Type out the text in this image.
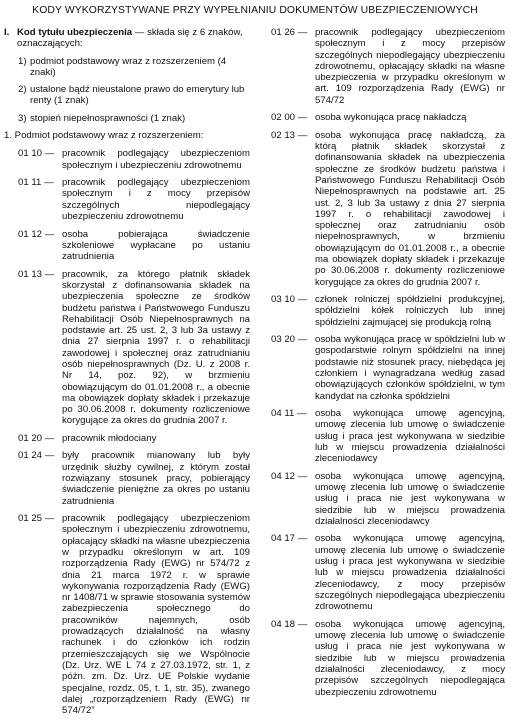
KODY WYKORZYSTYWANE PRZY WYPEŁNIANIU DOKUMENTÓW UBEZPIECZENIOWYCH
I. Kod tytułu ubezpieczenia — składa się z 6 znaków, oznaczających:
1) podmiot podstawowy wraz z rozszerzeniem (4 znaki)
2) ustalone bądź nieustalone prawo do emerytury lub renty (1 znak)
3) stopień niepełnosprawności (1 znak)
1. Podmiot podstawowy wraz z rozszerzeniem:
01 10 — pracownik podlegający ubezpieczeniom społecznym i ubezpieczeniu zdrowotnemu
01 11 — pracownik podlegający ubezpieczeniom społecznym i z mocy przepisów szczególnych niepodlegający ubezpieczeniu zdrowotnemu
01 12 — osoba pobierająca świadczenie szkoleniowe wypłacane po ustaniu zatrudnienia
01 13 — pracownik, za którego płatnik składek skorzystał z dofinansowania składek na ubezpieczenia społeczne ze środków budżetu państwa i Państwowego Funduszu Rehabilitacji Osób Niepełnosprawnych na podstawie art. 25 ust. 2, 3 lub 3a ustawy z dnia 27 sierpnia 1997 r. o rehabilitacji zawodowej i społecznej oraz zatrudnianiu osób niepełnosprawnych (Dz. U. z 2008 r. Nr 14, poz. 92), w brzmieniu obowiązującym do 01.01.2008 r., a obecnie ma obowiązek dopłaty składek i przekazuje po 30.06.2008 r. dokumenty rozliczeniowe korygujące za okres do grudnia 2007 r.
01 20 — pracownik młodociany
01 24 — były pracownik mianowany lub były urzędnik służby cywilnej, z którym został rozwiązany stosunek pracy, pobierający świadczenie pieniężne za okres po ustaniu zatrudnienia
01 25 — pracownik podlegający ubezpieczeniom społecznym i ubezpieczeniu zdrowotnemu, opłacający składki na własne ubezpieczenia w przypadku określonym w art. 109 rozporządzenia Rady (EWG) nr 574/72 z dnia 21 marca 1972 r. w sprawie wykonywania rozporządzenia Rady (EWG) nr 1408/71 w sprawie stosowania systemów zabezpieczenia społecznego do pracowników najemnych, osób prowadzących działalność na własny rachunek i do członków ich rodzin przemieszczających się we Wspólnocie (Dz. Urz. WE L 74 z 27.03.1972, str. 1, z późn. zm. Dz. Urz. UE Polskie wydanie specjalne, rozdz. 05, t. 1, str. 35), zwanego dalej „rozporządzeniem Rady (EWG) nr 574/72”
01 26 — pracownik podlegający ubezpieczeniom społecznym i z mocy przepisów szczególnych niepodlegający ubezpieczeniu zdrowotnemu, opłacający składki na własne ubezpieczenia w przypadku określonym w art. 109 rozporządzenia Rady (EWG) nr 574/72
02 00 — osoba wykonująca pracę nakładczą
02 13 — osoba wykonująca pracę nakładczą, za którą płatnik składek skorzystał z dofinansowania składek na ubezpieczenia społeczne ze środków budżetu państwa i Państwowego Funduszu Rehabilitacji Osób Niepełnosprawnych na podstawie art. 25 ust. 2, 3 lub 3a ustawy z dnia 27 sierpnia 1997 r. o rehabilitacji zawodowej i społecznej oraz zatrudnianiu osób niepełnosprawnych, w brzmieniu obowiązującym do 01.01.2008 r., a obecnie ma obowiązek dopłaty składek i przekazuje po 30.06.2008 r. dokumenty rozliczeniowe korygujące za okres do grudnia 2007 r.
03 10 — członek rolniczej spółdzielni produkcyjnej, spółdzielni kółek rolniczych lub innej spółdzielni zajmującej się produkcją rolną
03 20 — osoba wykonująca pracę w spółdzielni lub w gospodarstwie rolnym spółdzielni na innej podstawie niż stosunek pracy, niebędąca jej członkiem i wynagradzana według zasad obowiązujących członków spółdzielni, w tym kandydat na członka spółdzielni
04 11 — osoba wykonująca umowę agencyjną, umowę zlecenia lub umowę o świadczenie usług i praca jest wykonywana w siedzibie lub w miejscu prowadzenia działalności zleceniodawcy
04 12 — osoba wykonująca umowę agencyjną, umowę zlecenia lub umowę o świadczenie usług i praca nie jest wykonywana w siedzibie lub w miejscu prowadzenia działalności zleceniodawcy
04 17 — osoba wykonująca umowę agencyjną, umowę zlecenia lub umowę o świadczenie usług i praca jest wykonywana w siedzibie lub w miejscu prowadzenia działalności zleceniodawcy, z mocy przepisów szczególnych niepodlegająca ubezpieczeniu zdrowotnemu
04 18 — osoba wykonująca umowę agencyjną, umowę zlecenia lub umowę o świadczenie usług i praca nie jest wykonywana w siedzibie lub w miejscu prowadzenia działalności zleceniodawcy, z mocy przepisów szczególnych niepodlegająca ubezpieczeniu zdrowotnemu
